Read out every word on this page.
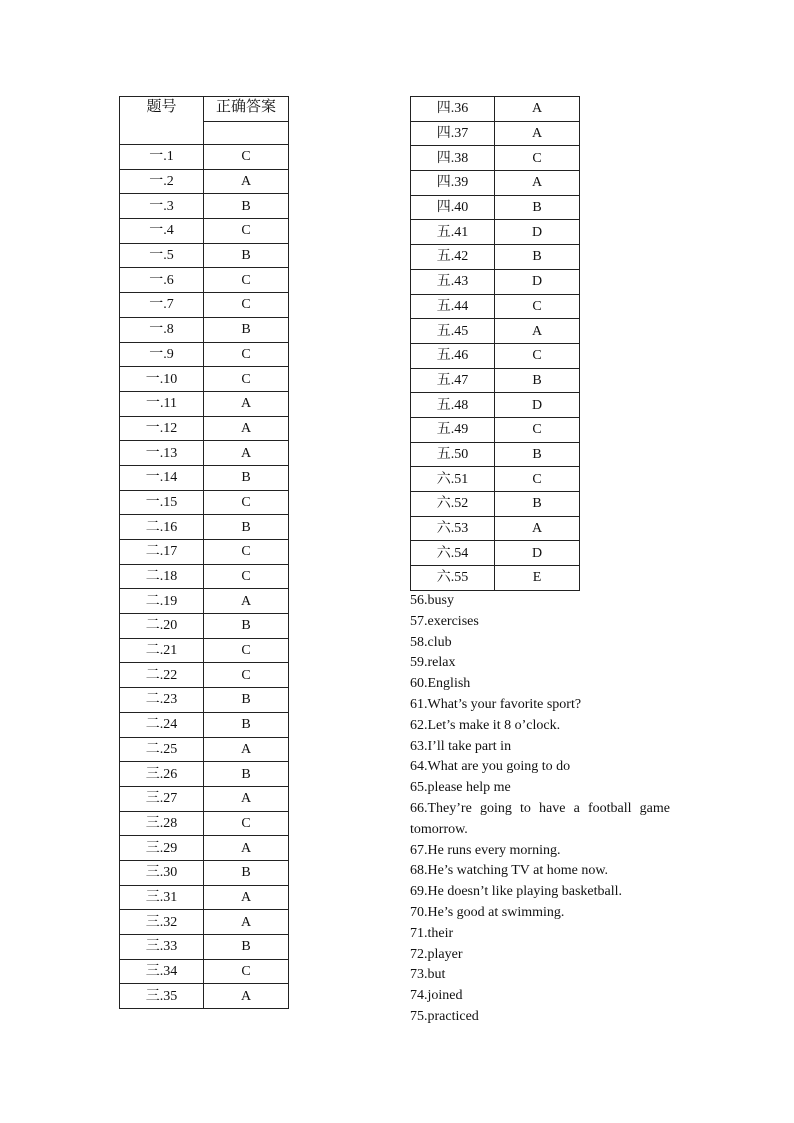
题号	正确答案

一.1	C
一.2	A
一.3	B
一.4	C
一.5	B
一.6	C
一.7	C
一.8	B
一.9	C
一.10	C
一.11	A
一.12	A
一.13	A
一.14	B
一.15	C
二.16	B
二.17	C
二.18	C
二.19	A
二.20	B
二.21	C
二.22	C
二.23	B
二.24	B
二.25	A
三.26	B
三.27	A
三.28	C
三.29	A
三.30	B
三.31	A
三.32	A
三.33	B
三.34	C
三.35	A
四.36	A
四.37	A
四.38	C
四.39	A
四.40	B
五.41	D
五.42	B
五.43	D
五.44	C
五.45	A
五.46	C
五.47	B
五.48	D
五.49	C
五.50	B
六.51	C
六.52	B
六.53	A
六.54	D
六.55	E
56.busy
57.exercises
58.club
59.relax
60.English
61.What’s your favorite sport?
62.Let’s make it 8 o’clock.
63.I’ll take part in
64.What are you going to do
65.please help me
66.They’re going to have a football game tomorrow.
67.He runs every morning.
68.He’s watching TV at home now.
69.He doesn’t like playing basketball.
70.He’s good at swimming.
71.their
72.player
73.but
74.joined
75.practiced
